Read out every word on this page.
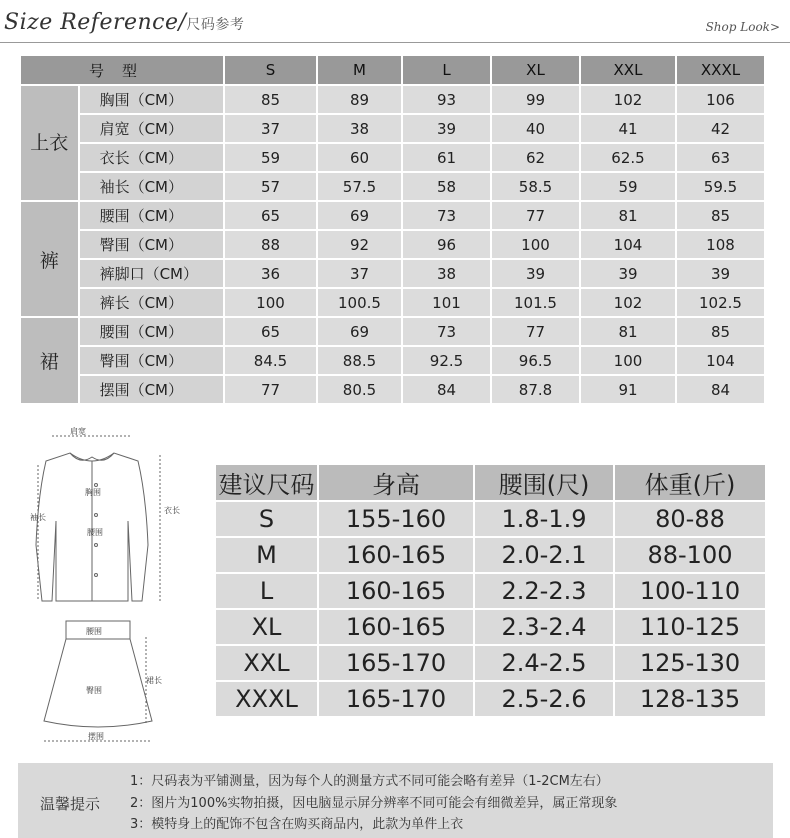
Size Reference/尺码参考	Shop Look>
号型		S	M	L	XL	XXL	XXXL

上衣	胸围（CM）	85	89	93	99	102	106
	肩宽（CM）	37	38	39	40	41	42
	衣长（CM）	59	60	61	62	62.5	63
	袖长（CM）	57	57.5	58	58.5	59	59.5
裤	腰围（CM）	65	69	73	77	81	85
	臀围（CM）	88	92	96	100	104	108
	裤脚口（CM）	36	37	38	39	39	39
	裤长（CM）	100	100.5	101	101.5	102	102.5
裙	腰围（CM）	65	69	73	77	81	85
	臀围（CM）	84.5	88.5	92.5	96.5	100	104
	摆围（CM）	77	80.5	84	87.8	91	84
肩宽
胸围
腰围
袖长
衣长
腰围
臀围
摆围
裙长
建议尺码	身高	腰围(尺)	体重(斤)
S	155-160	1.8-1.9	80-88
M	160-165	2.0-2.1	88-100
L	160-165	2.2-2.3	100-110
XL	160-165	2.3-2.4	110-125
XXL	165-170	2.4-2.5	125-130
XXXL	165-170	2.5-2.6	128-135
温馨提示
1：尺码表为平铺测量，因为每个人的测量方式不同可能会略有差异（1-2CM左右）
2：图片为100%实物拍摄，因电脑显示屏分辨率不同可能会有细微差异，属正常现象
3：模特身上的配饰不包含在购买商品内，此款为单件上衣
